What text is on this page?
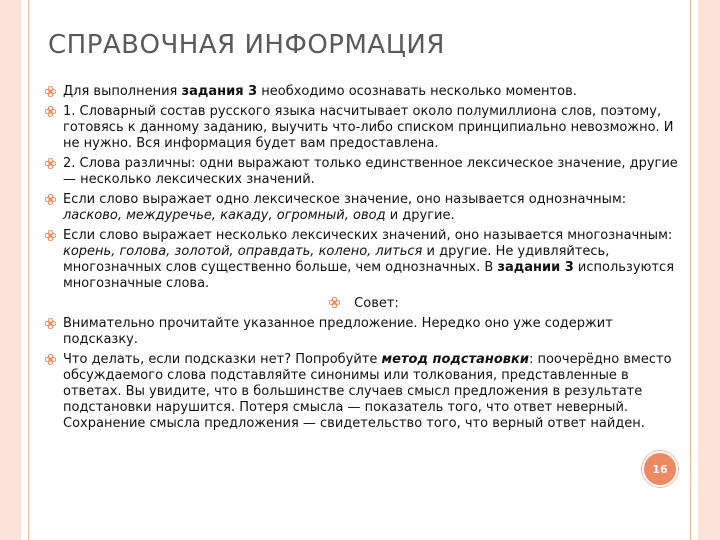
СПРАВОЧНАЯ ИНФОРМАЦИЯ
Для выполнения задания 3 необходимо осознавать несколько моментов.
1. Словарный состав русского языка насчитывает около полумиллиона слов, поэтому, готовясь к данному заданию, выучить что-либо списком принципиально невозможно. И не нужно. Вся информация будет вам предоставлена.
2. Слова различны: одни выражают только единственное лексическое значение, другие — несколько лексических значений.
Если слово выражает одно лексическое значение, оно называется однозначным: ласково, междуречье, какаду, огромный, овод и другие.
Если слово выражает несколько лексических значений, оно называется многозначным: корень, голова, золотой, оправдать, колено, литься и другие. Не удивляйтесь, многозначных слов существенно больше, чем однозначных. В задании 3 используются многозначные слова.
Совет:
Внимательно прочитайте указанное предложение. Нередко оно уже содержит подсказку.
Что делать, если подсказки нет? Попробуйте метод подстановки: поочерёдно вместо обсуждаемого слова подставляйте синонимы или толкования, представленные в ответах. Вы увидите, что в большинстве случаев смысл предложения в результате подстановки нарушится. Потеря смысла — показатель того, что ответ неверный. Сохранение смысла предложения — свидетельство того, что верный ответ найден.
16
